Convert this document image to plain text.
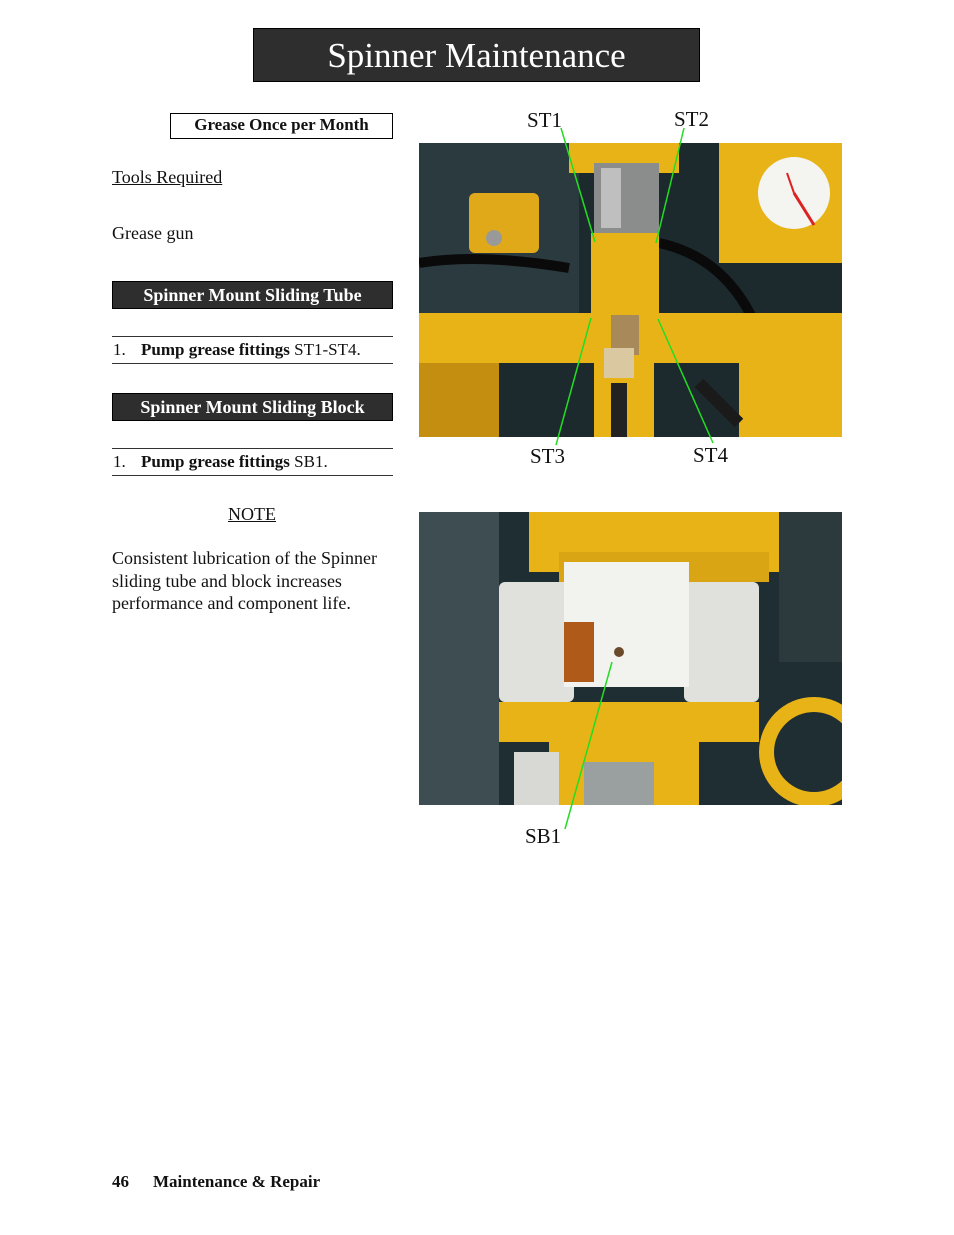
Spinner Maintenance
Grease Once per Month
Tools Required
Grease gun
Spinner Mount Sliding Tube
1. Pump grease fittings ST1-ST4.
Spinner Mount Sliding Block
1. Pump grease fittings SB1.
NOTE
Consistent lubrication of the Spinner sliding tube and block increases performance and component life.
ST1	ST2
ST3	ST4
SB1
46 Maintenance & Repair
